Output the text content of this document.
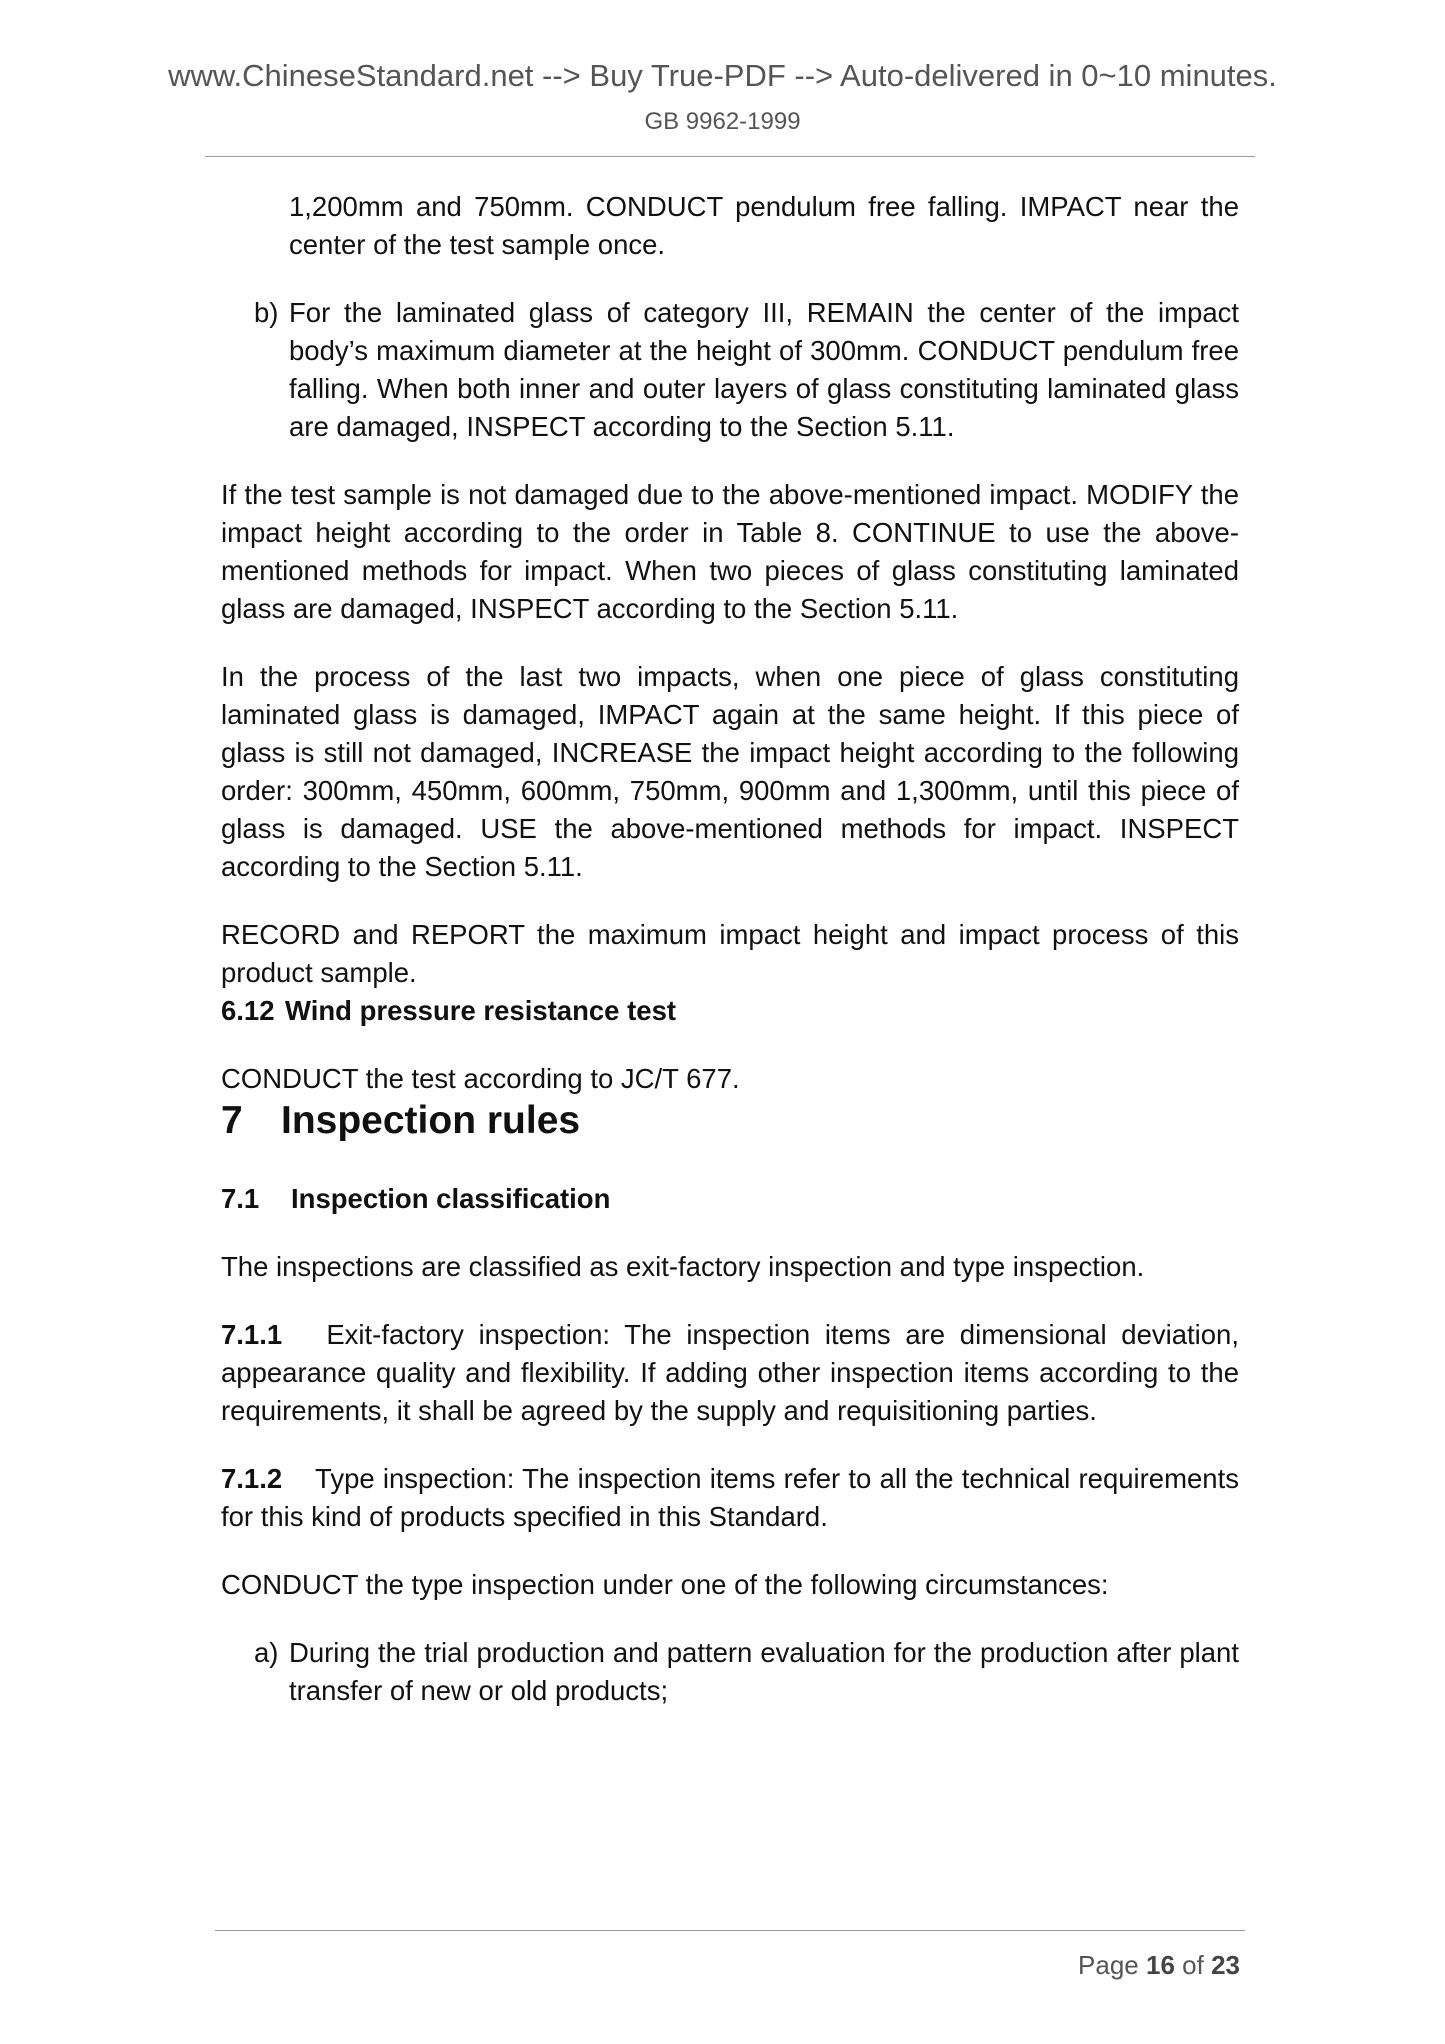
www.ChineseStandard.net --> Buy True-PDF --> Auto-delivered in 0~10 minutes.
GB 9962-1999

1,200mm and 750mm. CONDUCT pendulum free falling. IMPACT near the center of the test sample once.

b) For the laminated glass of category III, REMAIN the center of the impact body’s maximum diameter at the height of 300mm. CONDUCT pendulum free falling. When both inner and outer layers of glass constituting laminated glass are damaged, INSPECT according to the Section 5.11.

If the test sample is not damaged due to the above-mentioned impact. MODIFY the impact height according to the order in Table 8. CONTINUE to use the above-mentioned methods for impact. When two pieces of glass constituting laminated glass are damaged, INSPECT according to the Section 5.11.

In the process of the last two impacts, when one piece of glass constituting laminated glass is damaged, IMPACT again at the same height. If this piece of glass is still not damaged, INCREASE the impact height according to the following order: 300mm, 450mm, 600mm, 750mm, 900mm and 1,300mm, until this piece of glass is damaged. USE the above-mentioned methods for impact. INSPECT according to the Section 5.11.

RECORD and REPORT the maximum impact height and impact process of this product sample.

6.12 Wind pressure resistance test

CONDUCT the test according to JC/T 677.

7 Inspection rules

7.1 Inspection classification

The inspections are classified as exit-factory inspection and type inspection.

7.1.1 Exit-factory inspection: The inspection items are dimensional deviation, appearance quality and flexibility. If adding other inspection items according to the requirements, it shall be agreed by the supply and requisitioning parties.

7.1.2 Type inspection: The inspection items refer to all the technical requirements for this kind of products specified in this Standard.

CONDUCT the type inspection under one of the following circumstances:

a) During the trial production and pattern evaluation for the production after plant transfer of new or old products;
Page 16 of 23
